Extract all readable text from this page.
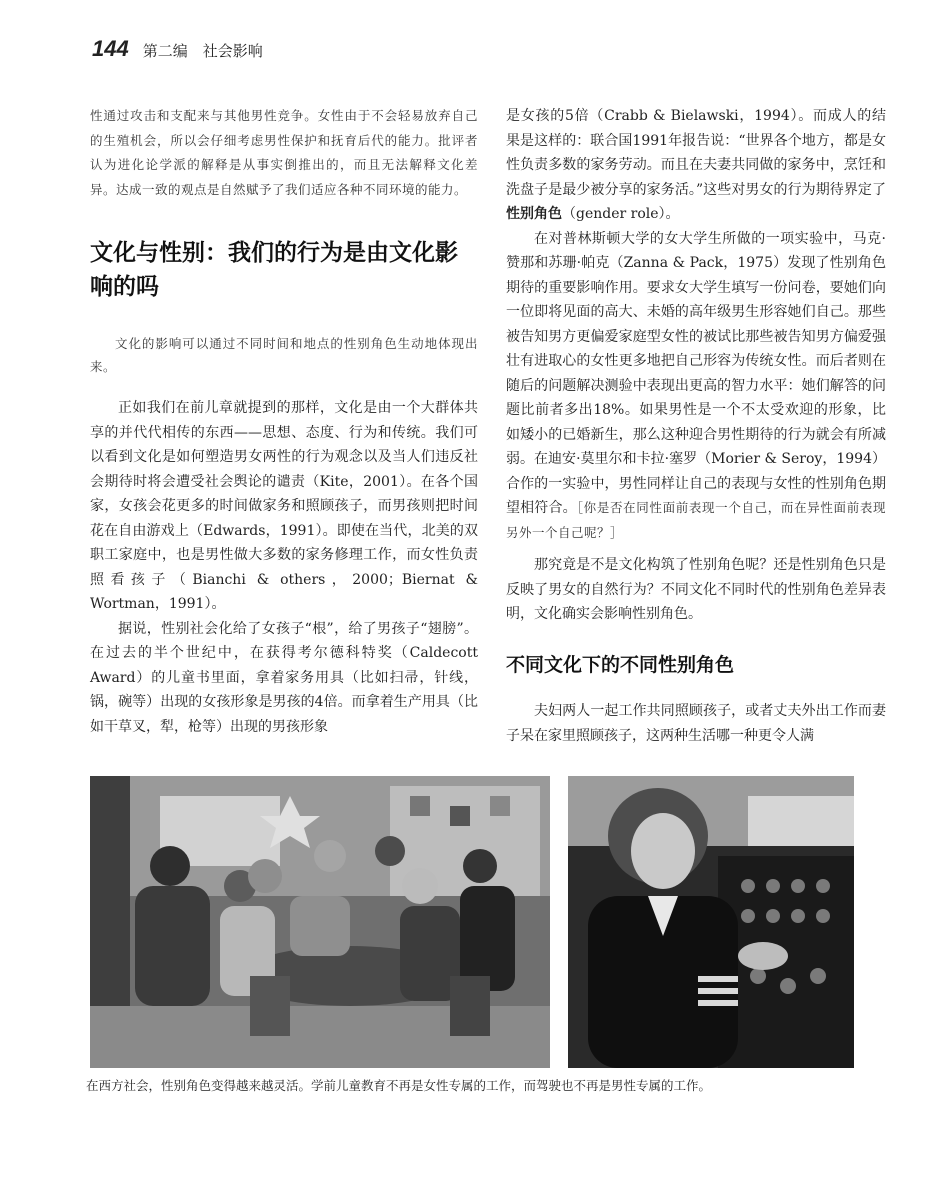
144 第二编　社会影响

性通过攻击和支配来与其他男性竞争。女性由于不会轻易放弃自己的生殖机会，所以会仔细考虑男性保护和抚育后代的能力。批评者认为进化论学派的解释是从事实倒推出的，而且无法解释文化差异。达成一致的观点是自然赋予了我们适应各种不同环境的能力。

文化与性别：我们的行为是由文化影响的吗

文化的影响可以通过不同时间和地点的性别角色生动地体现出来。

正如我们在前儿章就提到的那样，文化是由一个大群体共享的并代代相传的东西——思想、态度、行为和传统。我们可以看到文化是如何塑造男女两性的行为观念以及当人们违反社会期待时将会遭受社会舆论的谴责（Kite，2001）。在各个国家，女孩会花更多的时间做家务和照顾孩子，而男孩则把时间花在自由游戏上（Edwards，1991）。即使在当代，北美的双职工家庭中，也是男性做大多数的家务修理工作，而女性负责照看孩子（Bianchi & others，2000；Biernat & Wortman，1991）。

据说，性别社会化给了女孩子“根”，给了男孩子“翅膀”。在过去的半个世纪中，在获得考尔德科特奖（Caldecott Award）的儿童书里面，拿着家务用具（比如扫帚，针线，锅，碗等）出现的女孩形象是男孩的4倍。而拿着生产用具（比如干草叉，犁，枪等）出现的男孩形象

是女孩的5倍（Crabb & Bielawski，1994）。而成人的结果是这样的：联合国1991年报告说：“世界各个地方，都是女性负责多数的家务劳动。而且在夫妻共同做的家务中，烹饪和洗盘子是最少被分享的家务活。”这些对男女的行为期待界定了性别角色（gender role）。

在对普林斯顿大学的女大学生所做的一项实验中，马克·赞那和苏珊·帕克（Zanna & Pack，1975）发现了性别角色期待的重要影响作用。要求女大学生填写一份问卷，要她们向一位即将见面的高大、未婚的高年级男生形容她们自己。那些被告知男方更偏爱家庭型女性的被试比那些被告知男方偏爱强壮有进取心的女性更多地把自己形容为传统女性。而后者则在随后的问题解决测验中表现出更高的智力水平：她们解答的问题比前者多出18%。如果男性是一个不太受欢迎的形象，比如矮小的已婚新生，那么这种迎合男性期待的行为就会有所减弱。在迪安·莫里尔和卡拉·塞罗（Morier & Seroy，1994）合作的一实验中，男性同样让自己的表现与女性的性别角色期望相符合。［你是否在同性面前表现一个自己，而在异性面前表现另外一个自己呢？］

那究竟是不是文化构筑了性别角色呢？还是性别角色只是反映了男女的自然行为？不同文化不同时代的性别角色差异表明，文化确实会影响性别角色。

不同文化下的不同性别角色

夫妇两人一起工作共同照顾孩子，或者丈夫外出工作而妻子呆在家里照顾孩子，这两种生活哪一种更令人满

在西方社会，性别角色变得越来越灵活。学前儿童教育不再是女性专属的工作，而驾驶也不再是男性专属的工作。
